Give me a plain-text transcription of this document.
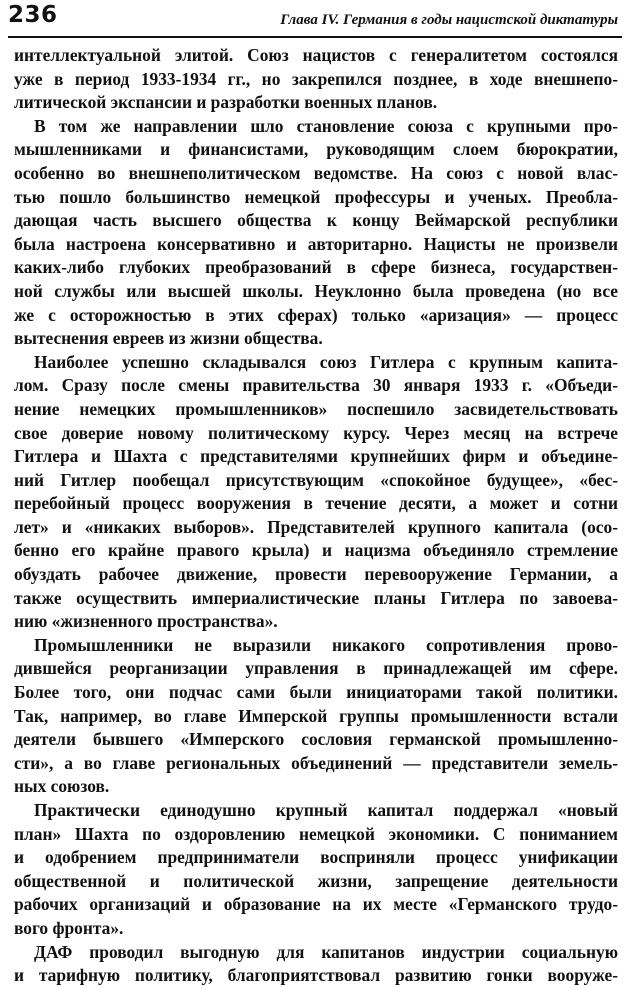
236	Глава IV. Германия в годы нацистской диктатуры
интеллектуальной элитой. Союз нацистов с генералитетом состоялся
уже в период 1933-1934 гг., но закрепился позднее, в ходе внешнепо-
литической экспансии и разработки военных планов.
В том же направлении шло становление союза с крупными про-
мышленниками и финансистами, руководящим слоем бюрократии,
особенно во внешнеполитическом ведомстве. На союз с новой влас-
тью пошло большинство немецкой профессуры и ученых. Преобла-
дающая часть высшего общества к концу Веймарской республики
была настроена консервативно и авторитарно. Нацисты не произвели
каких-либо глубоких преобразований в сфере бизнеса, государствен-
ной службы или высшей школы. Неуклонно была проведена (но все
же с осторожностью в этих сферах) только «аризация» — процесс
вытеснения евреев из жизни общества.
Наиболее успешно складывался союз Гитлера с крупным капита-
лом. Сразу после смены правительства 30 января 1933 г. «Объеди-
нение немецких промышленников» поспешило засвидетельствовать
свое доверие новому политическому курсу. Через месяц на встрече
Гитлера и Шахта с представителями крупнейших фирм и объедине-
ний Гитлер пообещал присутствующим «спокойное будущее», «бес-
перебойный процесс вооружения в течение десяти, а может и сотни
лет» и «никаких выборов». Представителей крупного капитала (осо-
бенно его крайне правого крыла) и нацизма объединяло стремление
обуздать рабочее движение, провести перевооружение Германии, а
также осуществить империалистические планы Гитлера по завоева-
нию «жизненного пространства».
Промышленники не выразили никакого сопротивления прово-
дившейся реорганизации управления в принадлежащей им сфере.
Более того, они подчас сами были инициаторами такой политики.
Так, например, во главе Имперской группы промышленности встали
деятели бывшего «Имперского сословия германской промышленно-
сти», а во главе региональных объединений — представители земель-
ных союзов.
Практически единодушно крупный капитал поддержал «новый
план» Шахта по оздоровлению немецкой экономики. С пониманием
и одобрением предприниматели восприняли процесс унификации
общественной и политической жизни, запрещение деятельности
рабочих организаций и образование на их месте «Германского трудо-
вого фронта».
ДАФ проводил выгодную для капитанов индустрии социальную
и тарифную политику, благоприятствовал развитию гонки вооруже-
